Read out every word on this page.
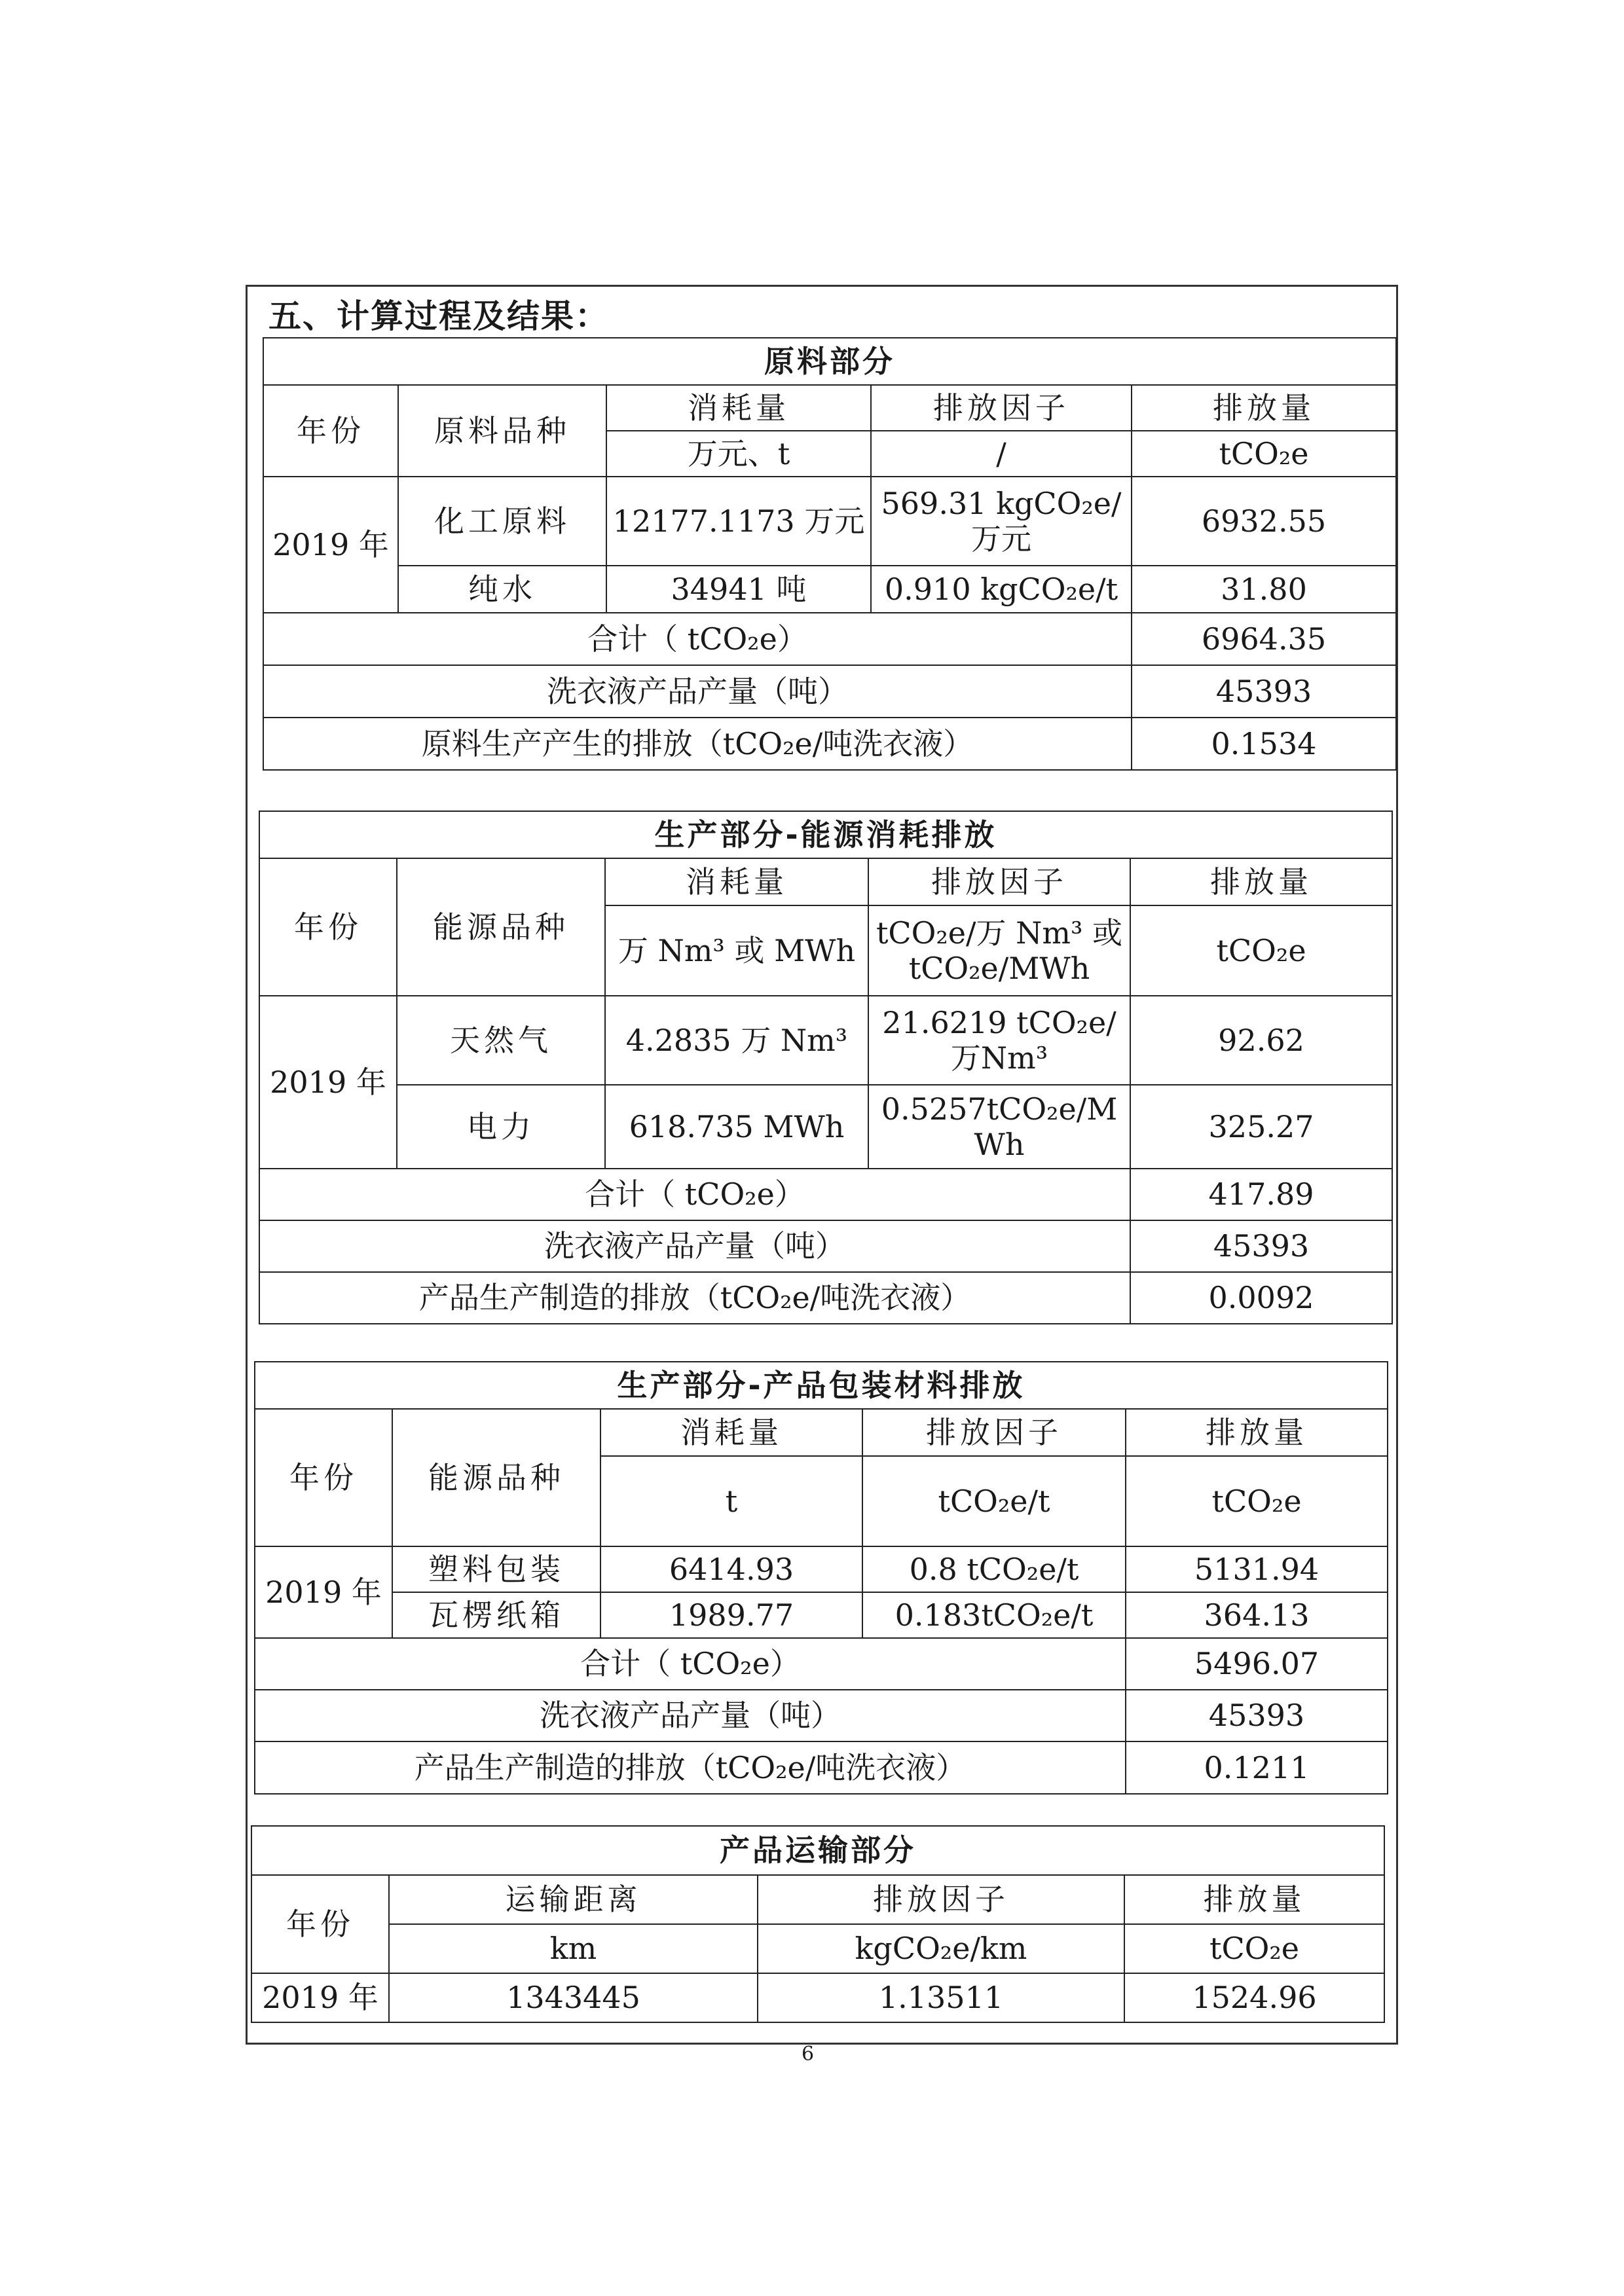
五、计算过程及结果：
原料部分				
年份	原料品种	消耗量	排放因子	排放量
		万元、t	/	tCO₂e
2019 年	化工原料	12177.1173 万元	569.31 kgCO₂e/万元	6932.55
	纯水	34941 吨	0.910 kgCO₂e/t	31.80
合计（ tCO₂e）				6964.35
洗衣液产品产量（吨）				45393
原料生产产生的排放（tCO₂e/吨洗衣液）				0.1534
生产部分-能源消耗排放				
年份	能源品种	消耗量	排放因子	排放量
		万 Nm³ 或 MWh	tCO₂e/万 Nm³ 或 tCO₂e/MWh	tCO₂e
2019 年	天然气	4.2835 万 Nm³	21.6219 tCO₂e/万Nm³	92.62
	电力	618.735 MWh	0.5257tCO₂e/MWh	325.27
合计（ tCO₂e）				417.89
洗衣液产品产量（吨）				45393
产品生产制造的排放（tCO₂e/吨洗衣液）				0.0092
生产部分-产品包装材料排放				
年份	能源品种	消耗量	排放因子	排放量
		t	tCO₂e/t	tCO₂e
2019 年	塑料包装	6414.93	0.8 tCO₂e/t	5131.94
	瓦楞纸箱	1989.77	0.183tCO₂e/t	364.13
合计（ tCO₂e）				5496.07
洗衣液产品产量（吨）				45393
产品生产制造的排放（tCO₂e/吨洗衣液）				0.1211
产品运输部分			
年份	运输距离	排放因子	排放量
	km	kgCO₂e/km	tCO₂e
2019 年	1343445	1.13511	1524.96
6
